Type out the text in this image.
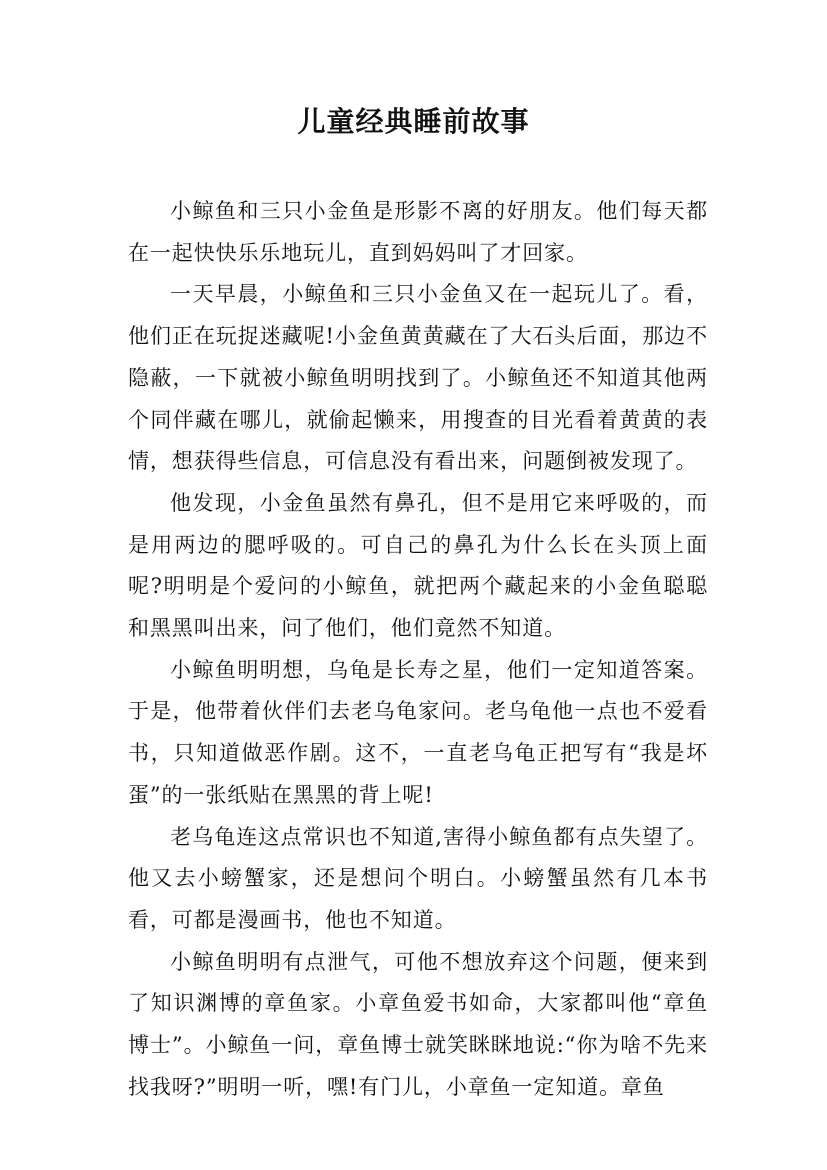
儿童经典睡前故事

小鲸鱼和三只小金鱼是形影不离的好朋友。他们每天都在一起快快乐乐地玩儿，直到妈妈叫了才回家。

一天早晨，小鲸鱼和三只小金鱼又在一起玩儿了。看，他们正在玩捉迷藏呢!小金鱼黄黄藏在了大石头后面，那边不隐蔽，一下就被小鲸鱼明明找到了。小鲸鱼还不知道其他两个同伴藏在哪儿，就偷起懒来，用搜查的目光看着黄黄的表情，想获得些信息，可信息没有看出来，问题倒被发现了。

他发现，小金鱼虽然有鼻孔，但不是用它来呼吸的，而是用两边的腮呼吸的。可自己的鼻孔为什么长在头顶上面呢?明明是个爱问的小鲸鱼，就把两个藏起来的小金鱼聪聪和黑黑叫出来，问了他们，他们竟然不知道。

小鲸鱼明明想，乌龟是长寿之星，他们一定知道答案。于是，他带着伙伴们去老乌龟家问。老乌龟他一点也不爱看书，只知道做恶作剧。这不，一直老乌龟正把写有“我是坏蛋”的一张纸贴在黑黑的背上呢!

老乌龟连这点常识也不知道,害得小鲸鱼都有点失望了。他又去小螃蟹家，还是想问个明白。小螃蟹虽然有几本书看，可都是漫画书，他也不知道。

小鲸鱼明明有点泄气，可他不想放弃这个问题，便来到了知识渊博的章鱼家。小章鱼爱书如命，大家都叫他“章鱼博士”。小鲸鱼一问，章鱼博士就笑眯眯地说:“你为啥不先来找我呀?”明明一听，嘿!有门儿，小章鱼一定知道。章鱼
